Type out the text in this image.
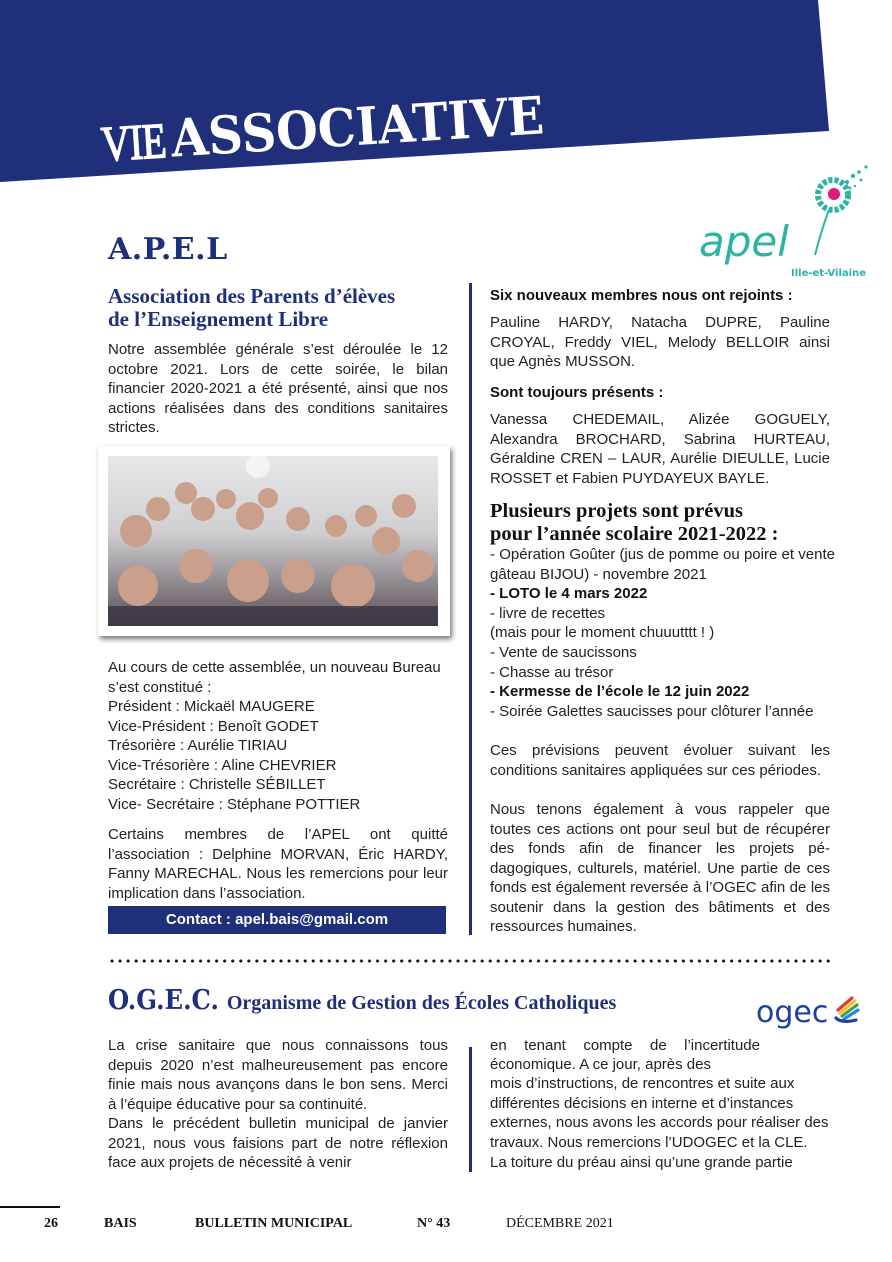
VIE ASSOCIATIVE
apel
Ille-et-Vilaine
A.P.E.L
Association des Parents d’élèves
de l’Enseignement Libre
Notre assemblée générale s’est déroulée le 12 octobre 2021. Lors de cette soirée, le bilan financier 2020-2021 a été présenté, ainsi que nos actions réalisées dans des conditions sanitaires strictes.
Au cours de cette assemblée, un nouveau Bureau s’est constitué :
Président : Mickaël MAUGERE
Vice-Président : Benoît GODET
Trésorière : Aurélie TIRIAU
Vice-Trésorière : Aline CHEVRIER
Secrétaire : Christelle SÉBILLET
Vice- Secrétaire : Stéphane POTTIER
Certains membres de l’APEL ont quitté l’association : Delphine MORVAN, Éric HARDY, Fanny MARECHAL. Nous les remercions pour leur implication dans l’association.
Contact : apel.bais@gmail.com
Six nouveaux membres nous ont rejoints :
Pauline HARDY, Natacha DUPRE, Pauline CROYAL, Freddy VIEL, Melody BELLOIR ainsi que Agnès MUSSON.
Sont toujours présents :
Vanessa CHEDEMAIL, Alizée GOGUELY, Alexandra BROCHARD, Sabrina HURTEAU, Géraldine CREN – LAUR, Aurélie DIEULLE, Lucie ROSSET et Fabien PUYDAYEUX BAYLE.
Plusieurs projets sont prévus
pour l’année scolaire 2021-2022 :
- Opération Goûter (jus de pomme ou poire et vente gâteau BIJOU) - novembre 2021
- LOTO le 4 mars 2022
- livre de recettes
(mais pour le moment chuuutttt ! )
- Vente de saucissons
- Chasse au trésor
- Kermesse de l’école le 12 juin 2022
- Soirée Galettes saucisses pour clôturer l’année
Ces prévisions peuvent évoluer suivant les conditions sanitaires appliquées sur ces périodes.
Nous tenons également à vous rappeler que toutes ces actions ont pour seul but de récupérer des fonds afin de financer les projets pédagogiques, culturels, matériel. Une partie de ces fonds est également reversée à l’OGEC afin de les soutenir dans la gestion des bâtiments et des ressources humaines.
O.G.E.C. Organisme de Gestion des Écoles Catholiques	ogec
La crise sanitaire que nous connaissons tous depuis 2020 n’est malheureusement pas encore finie mais nous avançons dans le bon sens. Merci à l’équipe éducative pour sa continuité.
Dans le précédent bulletin municipal de janvier 2021, nous vous faisions part de notre réflexion face aux projets de nécessité à venir
en tenant compte de l’incertitude
économique. A ce jour, après des
mois d’instructions, de rencontres et suite aux différentes décisions en interne et d’instances externes, nous avons les accords pour réaliser des travaux. Nous remercions l’UDOGEC et la CLE.
La toiture du préau ainsi qu’une grande partie
26	BAIS	BULLETIN MUNICIPAL	N° 43	DÉCEMBRE 2021
